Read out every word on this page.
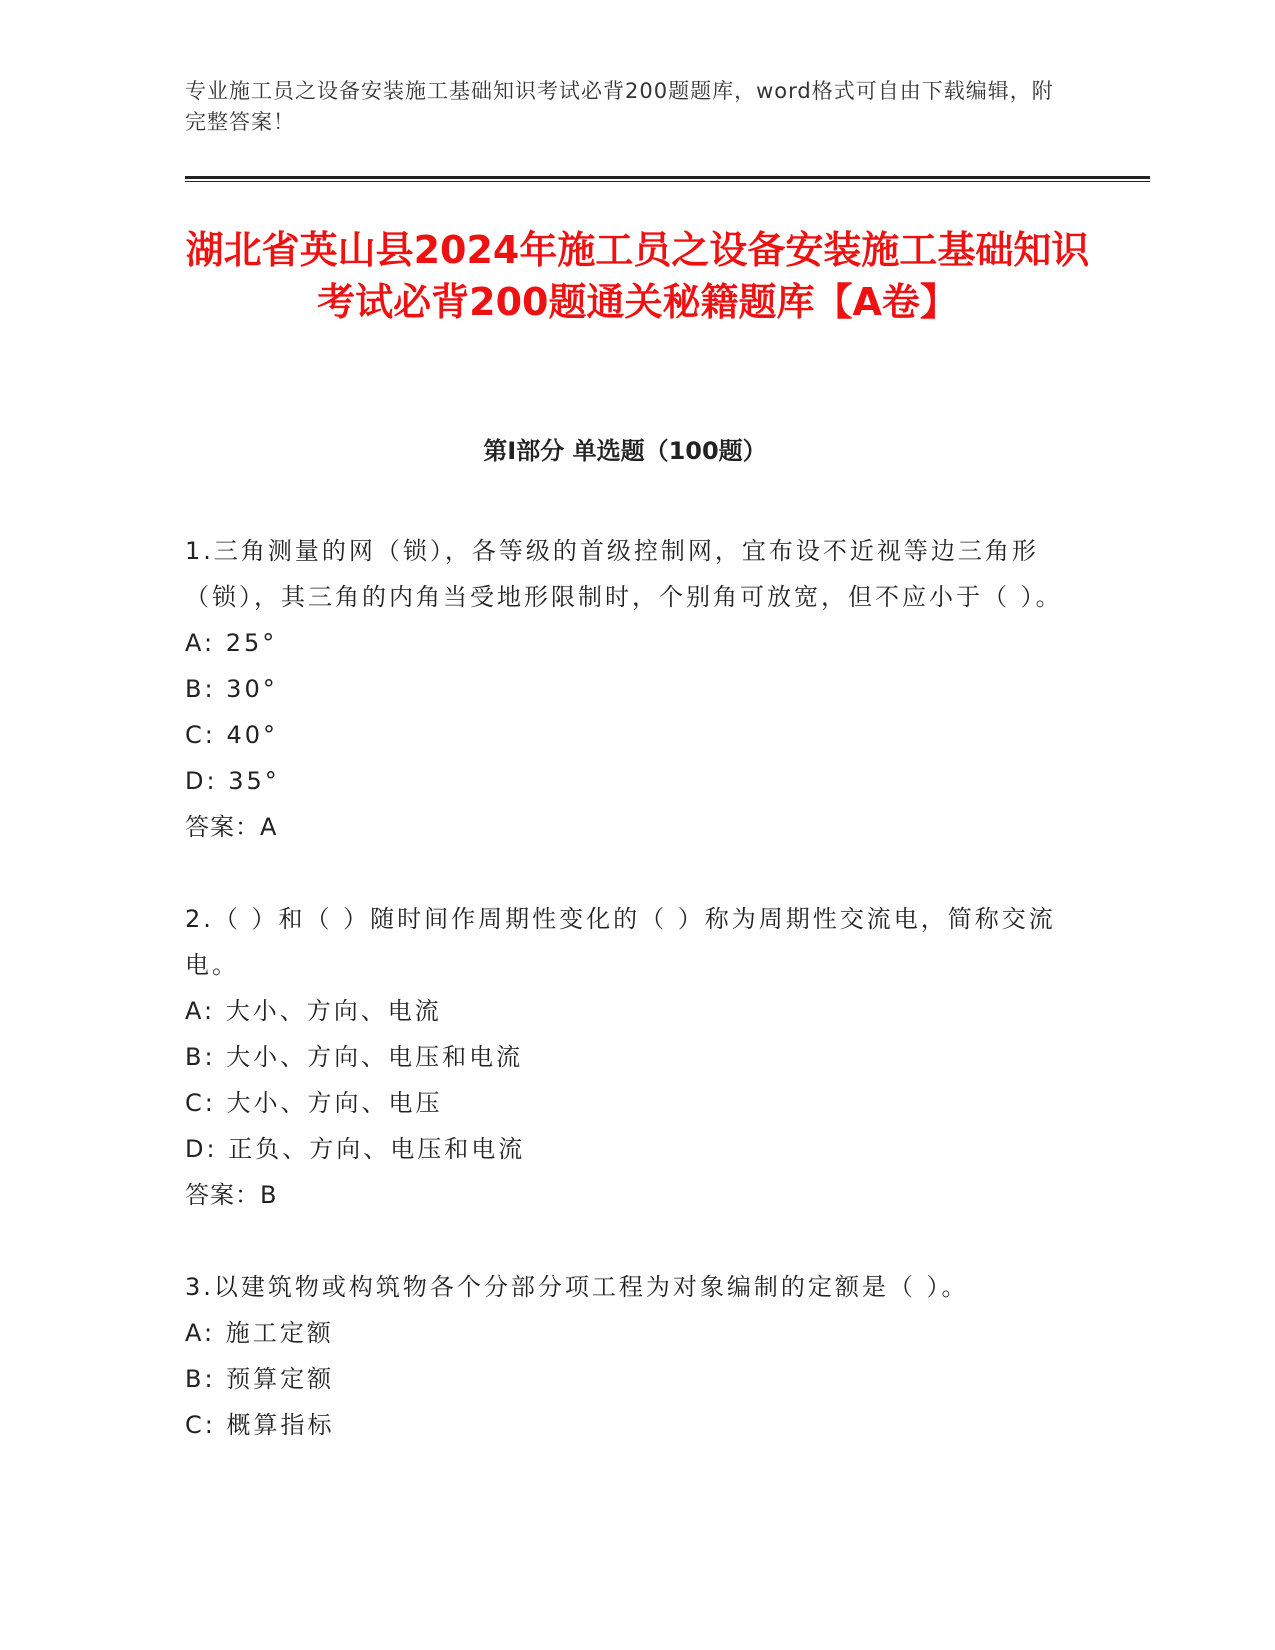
专业施工员之设备安装施工基础知识考试必背200题题库，word格式可自由下载编辑，附完整答案！
湖北省英山县2024年施工员之设备安装施工基础知识考试必背200题通关秘籍题库【A卷】
第I部分 单选题（100题）
1.三角测量的网（锁），各等级的首级控制网，宜布设不近视等边三角形（锁），其三角的内角当受地形限制时，个别角可放宽，但不应小于（ ）。
A: 25°
B: 30°
C: 40°
D: 35°
答案：A
2.（ ）和（ ）随时间作周期性变化的（ ）称为周期性交流电，简称交流电。
A: 大小、方向、电流
B: 大小、方向、电压和电流
C: 大小、方向、电压
D: 正负、方向、电压和电流
答案：B
3.以建筑物或构筑物各个分部分项工程为对象编制的定额是（ ）。
A: 施工定额
B: 预算定额
C: 概算指标
